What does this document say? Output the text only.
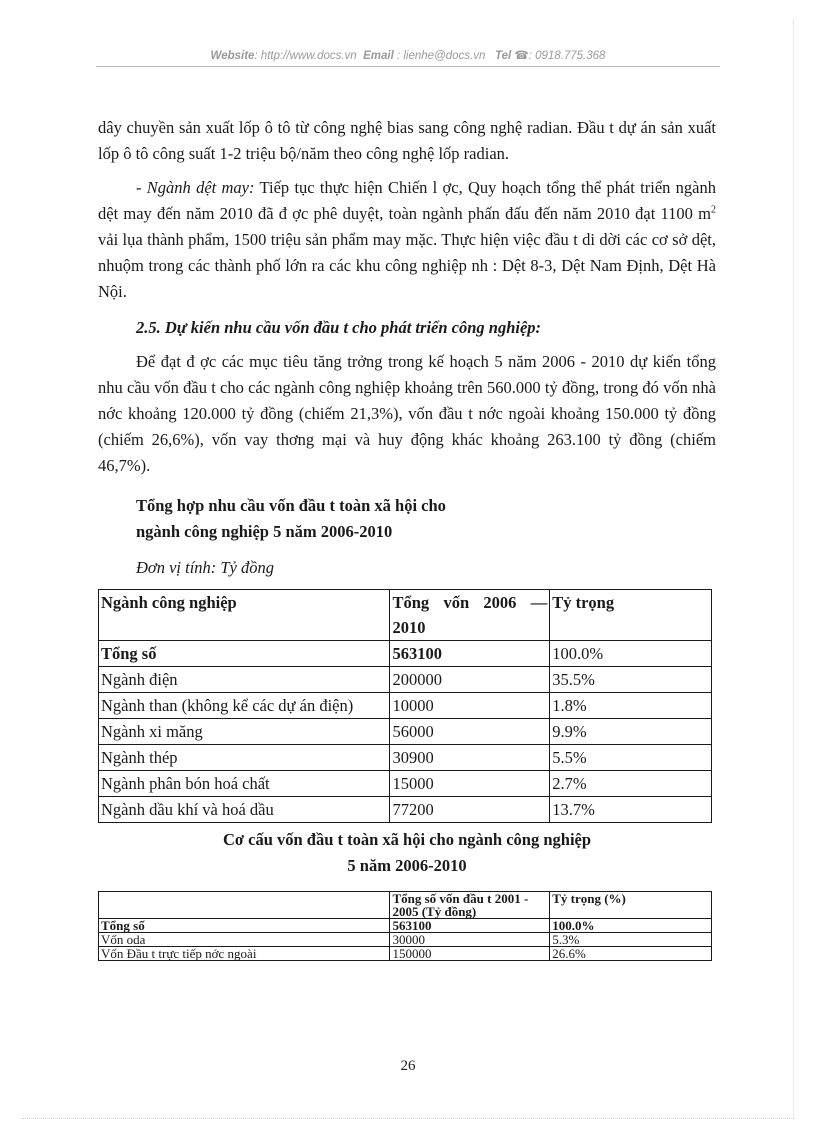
Website: http://www.docs.vn Email : lienhe@docs.vn Tel ☎: 0918.775.368

dây chuyền sản xuất lốp ô tô từ công nghệ bias sang công nghệ radian. Đầu t dự án sản xuất lốp ô tô công suất 1-2 triệu bộ/năm theo công nghệ lốp radian.

- Ngành dệt may: Tiếp tục thực hiện Chiến l ợc, Quy hoạch tổng thể phát triển ngành dệt may đến năm 2010 đã đ ợc phê duyệt, toàn ngành phấn đấu đến năm 2010 đạt 1100 $m^2$ vải lụa thành phẩm, 1500 triệu sản phẩm may mặc. Thực hiện việc đầu t di dời các cơ sở dệt, nhuộm trong các thành phố lớn ra các khu công nghiệp nh : Dệt 8-3, Dệt Nam Định, Dệt Hà Nội.

2.5. Dự kiến nhu cầu vốn đầu t cho phát triển công nghiệp:

Để đạt đ ợc các mục tiêu tăng trởng trong kế hoạch 5 năm 2006 - 2010 dự kiến tổng nhu cầu vốn đầu t cho các ngành công nghiệp khoảng trên 560.000 tỷ đồng, trong đó vốn nhà nớc khoảng 120.000 tỷ đồng (chiếm 21,3%), vốn đầu t nớc ngoài khoảng 150.000 tỷ đồng (chiếm 26,6%), vốn vay thơng mại và huy động khác khoảng 263.100 tỷ đồng (chiếm 46,7%).

Tổng hợp nhu cầu vốn đầu t toàn xã hội cho
ngành công nghiệp 5 năm 2006-2010
Đơn vị tính: Tỷ đồng
Ngành công nghiệp	Tổng vốn 2006 — 2010	Tỷ trọng
Tổng số	563100	100.0%
Ngành điện	200000	35.5%
Ngành than (không kể các dự án điện)	10000	1.8%
Ngành xi măng	56000	9.9%
Ngành thép	30900	5.5%
Ngành phân bón hoá chất	15000	2.7%
Ngành dầu khí và hoá dầu	77200	13.7%
Cơ cấu vốn đầu t toàn xã hội cho ngành công nghiệp
5 năm 2006-2010
	Tổng số vốn đầu t 2001 - 2005 (Tỷ đồng)	Tỷ trọng (%)
Tổng số	563100	100.0%
Vốn oda	30000	5.3%
Vốn Đầu t trực tiếp nớc ngoài	150000	26.6%
26
